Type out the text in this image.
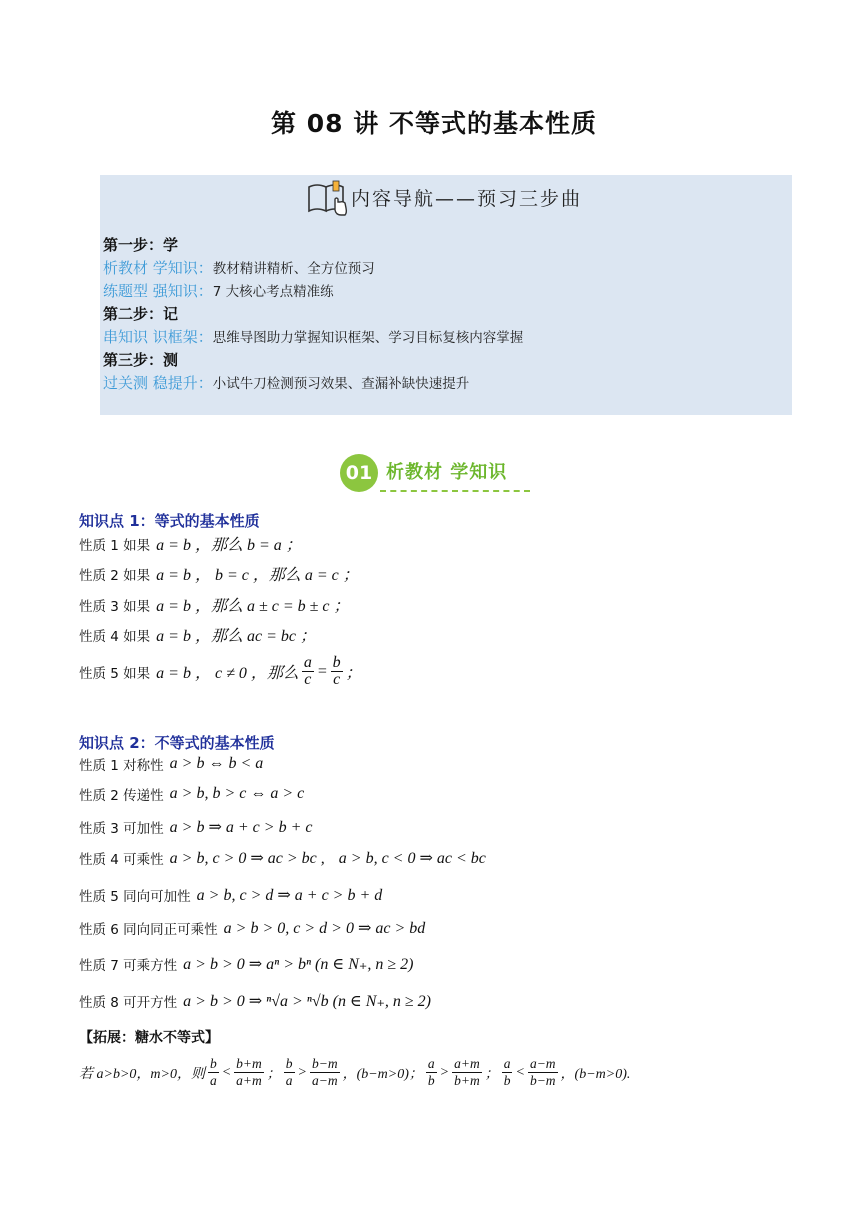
第 08 讲 不等式的基本性质
内容导航——预习三步曲
第一步：学
析教材 学知识：教材精讲精析、全方位预习
练题型 强知识：7 大核心考点精准练
第二步：记
串知识 识框架：思维导图助力掌握知识框架、学习目标复核内容掌握
第三步：测
过关测 稳提升：小试牛刀检测预习效果、查漏补缺快速提升
01 析教材 学知识
知识点 1：等式的基本性质
性质 1 如果 a = b ，那么 b = a ；
性质 2 如果 a = b ， b = c ，那么 a = c ；
性质 3 如果 a = b ，那么 a ± c = b ± c ；
性质 4 如果 a = b ，那么 ac = bc ；
性质 5 如果 a = b ， c ≠ 0 ，那么 $\frac{a}{c} = \frac{b}{c}$ ；
知识点 2：不等式的基本性质
性质 1 对称性 a > b ⇔ b < a
性质 2 传递性 a > b, b > c ⇔ a > c
性质 3 可加性 a > b ⇒ a + c > b + c
性质 4 可乘性 a > b, c > 0 ⇒ ac > bc , a > b, c < 0 ⇒ ac < bc
性质 5 同向可加性 a > b, c > d ⇒ a + c > b + d
性质 6 同向同正可乘性 a > b > 0, c > d > 0 ⇒ ac > bd
性质 7 可乘方性 a > b > 0 ⇒ aⁿ > bⁿ (n ∈ N₊, n ≥ 2)
性质 8 可开方性 a > b > 0 ⇒ ⁿ√a > ⁿ√b (n ∈ N₊, n ≥ 2)
【拓展：糖水不等式】
若 a>b>0，m>0，则 $\frac{b}{a} < \frac{b+m}{a+m}$ ； $\frac{b}{a} > \frac{b-m}{a-m}$ ，(b−m>0)； $\frac{a}{b} > \frac{a+m}{b+m}$ ； $\frac{a}{b} < \frac{a-m}{b-m}$ ，(b−m>0).
